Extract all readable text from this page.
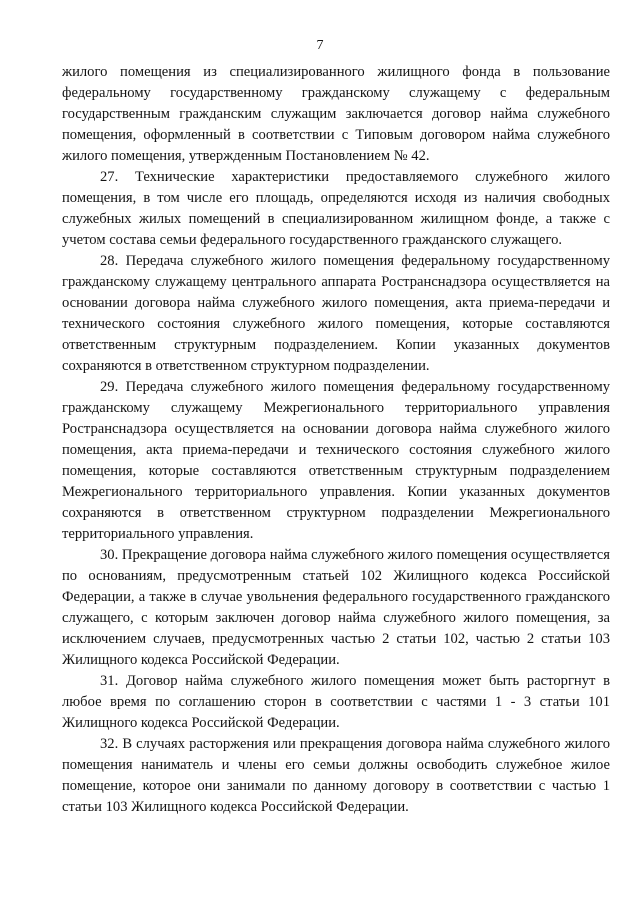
7

жилого помещения из специализированного жилищного фонда в пользование федеральному государственному гражданскому служащему с федеральным государственным гражданским служащим заключается договор найма служебного помещения, оформленный в соответствии с Типовым договором найма служебного жилого помещения, утвержденным Постановлением № 42.

27. Технические характеристики предоставляемого служебного жилого помещения, в том числе его площадь, определяются исходя из наличия свободных служебных жилых помещений в специализированном жилищном фонде, а также с учетом состава семьи федерального государственного гражданского служащего.

28. Передача служебного жилого помещения федеральному государственному гражданскому служащему центрального аппарата Ространснадзора осуществляется на основании договора найма служебного жилого помещения, акта приема-передачи и технического состояния служебного жилого помещения, которые составляются ответственным структурным подразделением. Копии указанных документов сохраняются в ответственном структурном подразделении.

29. Передача служебного жилого помещения федеральному государственному гражданскому служащему Межрегионального территориального управления Ространснадзора осуществляется на основании договора найма служебного жилого помещения, акта приема-передачи и технического состояния служебного жилого помещения, которые составляются ответственным структурным подразделением Межрегионального территориального управления. Копии указанных документов сохраняются в ответственном структурном подразделении Межрегионального территориального управления.

30. Прекращение договора найма служебного жилого помещения осуществляется по основаниям, предусмотренным статьей 102 Жилищного кодекса Российской Федерации, а также в случае увольнения федерального государственного гражданского служащего, с которым заключен договор найма служебного жилого помещения, за исключением случаев, предусмотренных частью 2 статьи 102, частью 2 статьи 103 Жилищного кодекса Российской Федерации.

31. Договор найма служебного жилого помещения может быть расторгнут в любое время по соглашению сторон в соответствии с частями 1 - 3 статьи 101 Жилищного кодекса Российской Федерации.

32. В случаях расторжения или прекращения договора найма служебного жилого помещения наниматель и члены его семьи должны освободить служебное жилое помещение, которое они занимали по данному договору в соответствии с частью 1 статьи 103 Жилищного кодекса Российской Федерации.
